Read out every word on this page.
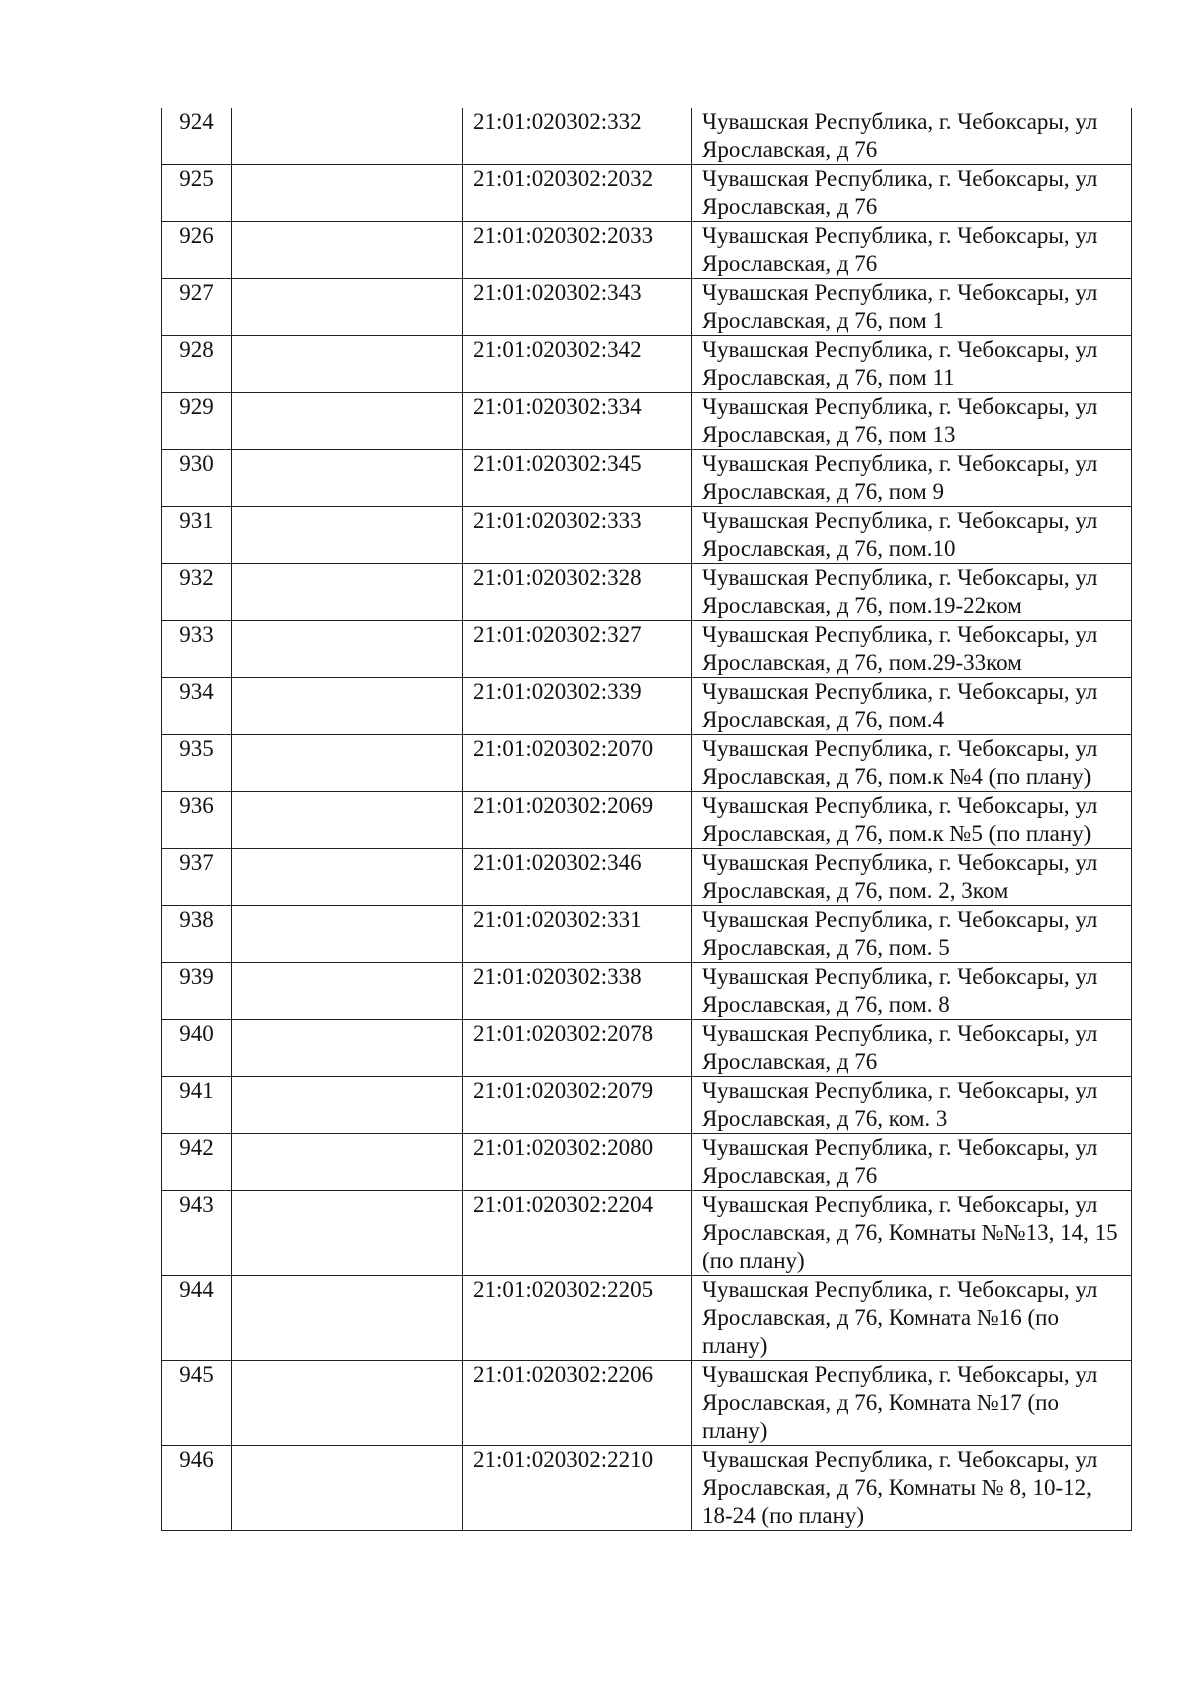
924		21:01:020302:332	Чувашская Республика, г. Чебоксары, ул Ярославская, д 76
925		21:01:020302:2032	Чувашская Республика, г. Чебоксары, ул Ярославская, д 76
926		21:01:020302:2033	Чувашская Республика, г. Чебоксары, ул Ярославская, д 76
927		21:01:020302:343	Чувашская Республика, г. Чебоксары, ул Ярославская, д 76, пом 1
928		21:01:020302:342	Чувашская Республика, г. Чебоксары, ул Ярославская, д 76, пом 11
929		21:01:020302:334	Чувашская Республика, г. Чебоксары, ул Ярославская, д 76, пом 13
930		21:01:020302:345	Чувашская Республика, г. Чебоксары, ул Ярославская, д 76, пом 9
931		21:01:020302:333	Чувашская Республика, г. Чебоксары, ул Ярославская, д 76, пом.10
932		21:01:020302:328	Чувашская Республика, г. Чебоксары, ул Ярославская, д 76, пом.19-22ком
933		21:01:020302:327	Чувашская Республика, г. Чебоксары, ул Ярославская, д 76, пом.29-33ком
934		21:01:020302:339	Чувашская Республика, г. Чебоксары, ул Ярославская, д 76, пом.4
935		21:01:020302:2070	Чувашская Республика, г. Чебоксары, ул Ярославская, д 76, пом.к №4 (по плану)
936		21:01:020302:2069	Чувашская Республика, г. Чебоксары, ул Ярославская, д 76, пом.к №5 (по плану)
937		21:01:020302:346	Чувашская Республика, г. Чебоксары, ул Ярославская, д 76, пом. 2, 3ком
938		21:01:020302:331	Чувашская Республика, г. Чебоксары, ул Ярославская, д 76, пом. 5
939		21:01:020302:338	Чувашская Республика, г. Чебоксары, ул Ярославская, д 76, пом. 8
940		21:01:020302:2078	Чувашская Республика, г. Чебоксары, ул Ярославская, д 76
941		21:01:020302:2079	Чувашская Республика, г. Чебоксары, ул Ярославская, д 76, ком. 3
942		21:01:020302:2080	Чувашская Республика, г. Чебоксары, ул Ярославская, д 76
943		21:01:020302:2204	Чувашская Республика, г. Чебоксары, ул Ярославская, д 76, Комнаты №№13, 14, 15 (по плану)
944		21:01:020302:2205	Чувашская Республика, г. Чебоксары, ул Ярославская, д 76, Комната №16 (по плану)
945		21:01:020302:2206	Чувашская Республика, г. Чебоксары, ул Ярославская, д 76, Комната №17 (по плану)
946		21:01:020302:2210	Чувашская Республика, г. Чебоксары, ул Ярославская, д 76, Комнаты № 8, 10-12, 18-24 (по плану)
